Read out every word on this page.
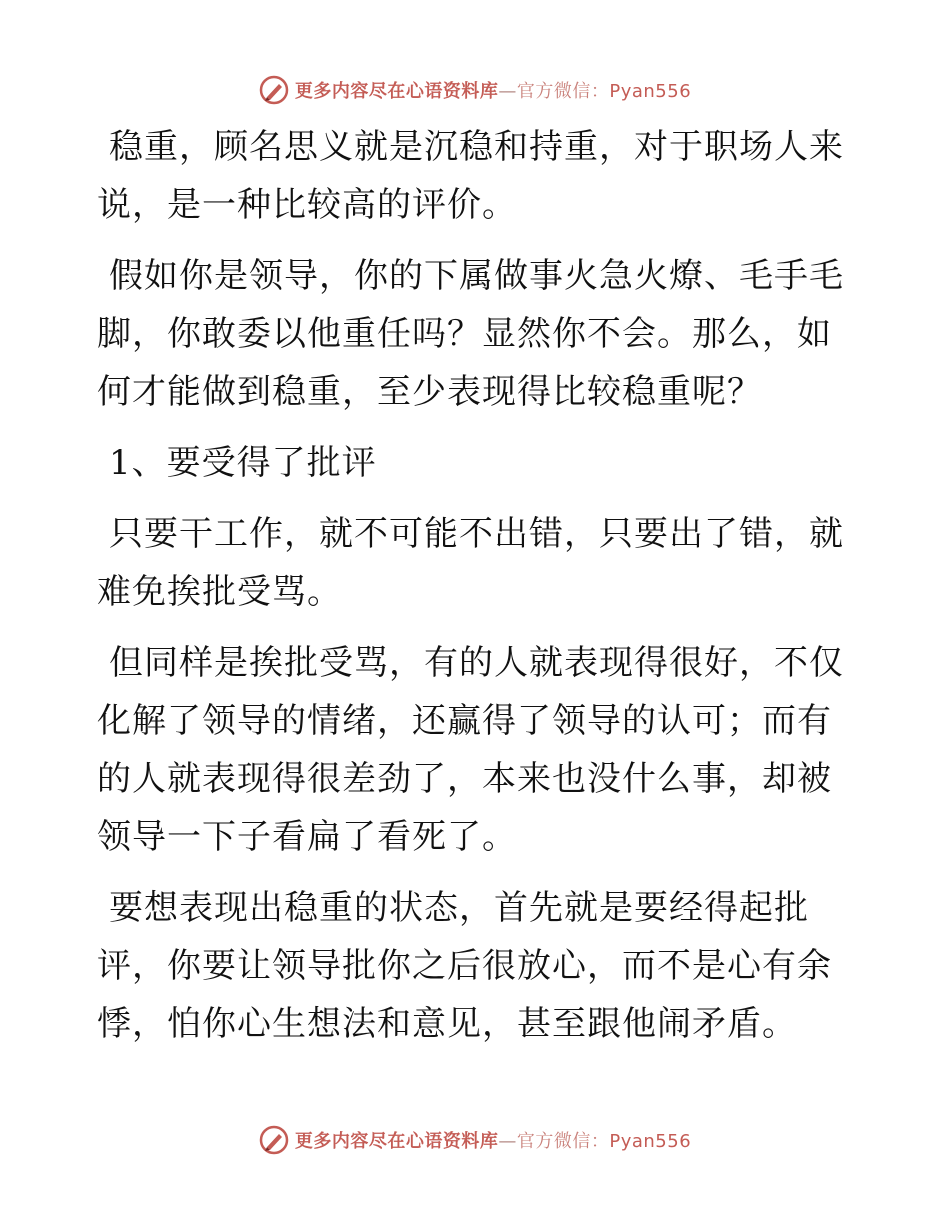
更多内容尽在心语资料库—官方微信：Pyan556

稳重，顾名思义就是沉稳和持重，对于职场人来说，是一种比较高的评价。

假如你是领导，你的下属做事火急火燎、毛手毛脚，你敢委以他重任吗？显然你不会。那么，如何才能做到稳重，至少表现得比较稳重呢？

1、要受得了批评

只要干工作，就不可能不出错，只要出了错，就难免挨批受骂。

但同样是挨批受骂，有的人就表现得很好，不仅化解了领导的情绪，还赢得了领导的认可；而有的人就表现得很差劲了，本来也没什么事，却被领导一下子看扁了看死了。

要想表现出稳重的状态，首先就是要经得起批评，你要让领导批你之后很放心，而不是心有余悸，怕你心生想法和意见，甚至跟他闹矛盾。

更多内容尽在心语资料库—官方微信：Pyan556
